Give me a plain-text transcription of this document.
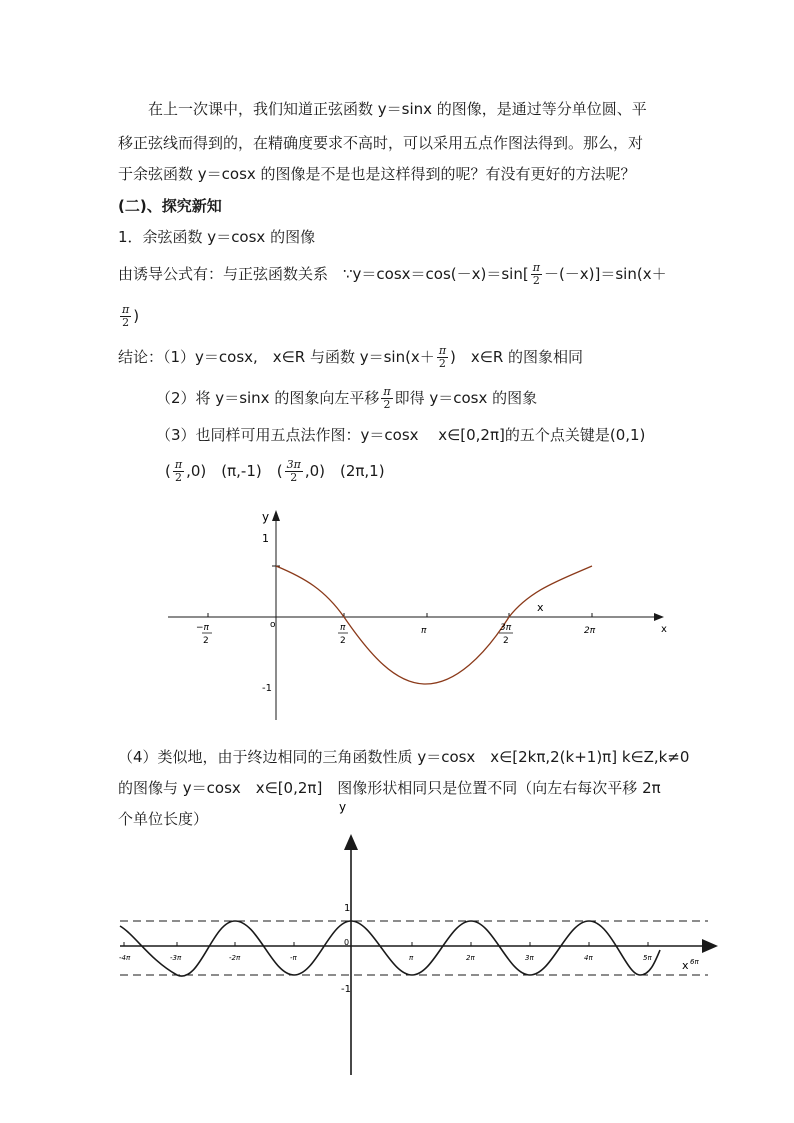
在上一次课中，我们知道正弦函数 y＝sinx 的图像，是通过等分单位圆、平
移正弦线而得到的，在精确度要求不高时，可以采用五点作图法得到。那么，对
于余弦函数 y＝cosx 的图像是不是也是这样得到的呢？有没有更好的方法呢？
(二)、探究新知
1．余弦函数 y＝cosx 的图像
由诱导公式有：与正弦函数关系　∵y＝cosx＝cos(－x)＝sin[ $\frac{\pi}{2} -(-x)]=\sin(x+$
$\frac{\pi}{2}$ )
结论：（1）y＝cosx,　x∈R 与函数 $y=\sin(x+ \frac{\pi}{2}$ )　x∈R 的图象相同
（2）将 y＝sinx 的图象向左平移 $\frac{\pi}{2}$ 即得 y＝cosx 的图象
（3）也同样可用五点法作图：y＝cosx　 x∈[0,2π]的五个点关键是(0,1)
( $\frac{\pi}{2} ,0$)　(π,-1)　( $\frac{3\pi}{2} ,0$)　(2π,1)
y
1
-1
o	x
x
−π
2
π
2
π	3π
2
2π
（4）类似地，由于终边相同的三角函数性质 y＝cosx　x∈[2kπ,2(k+1)π] k∈Z,k≠0
的图像与 y＝cosx　x∈[0,2π]　图像形状相同只是位置不同（向左右每次平移 2π
个单位长度）
y
1
-1
0
x
-4π	-3π	-2π	-π	π	2π	3π	4π	5π	6π
